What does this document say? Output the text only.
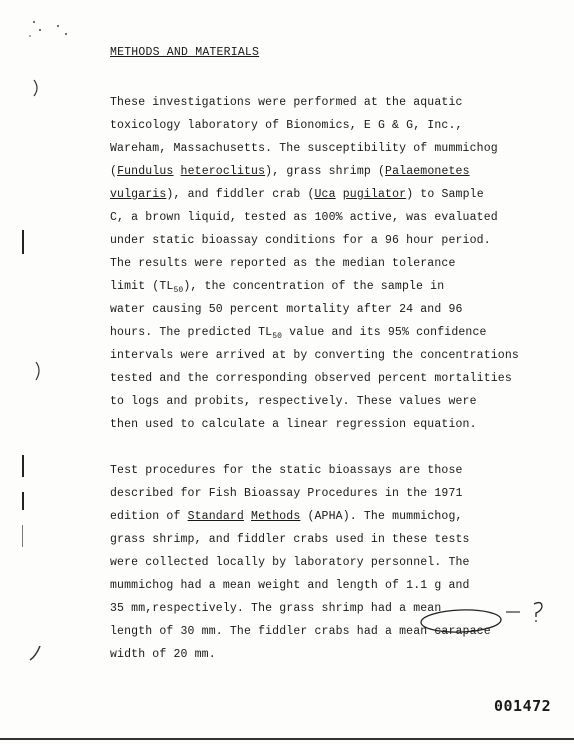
METHODS AND MATERIALS
These investigations were performed at the aquatic
toxicology laboratory of Bionomics, E G & G, Inc.,
Wareham, Massachusetts. The susceptibility of mummichog
(Fundulus heteroclitus), grass shrimp (Palaemonetes
vulgaris), and fiddler crab (Uca pugilator) to Sample
C, a brown liquid, tested as 100% active, was evaluated
under static bioassay conditions for a 96 hour period.
The results were reported as the median tolerance
limit $(TL_{50})$, the concentration of the sample in
water causing 50 percent mortality after 24 and 96
hours. The predicted $TL_{50}$ value and its 95% confidence
intervals were arrived at by converting the concentrations
tested and the corresponding observed percent mortalities
to logs and probits, respectively. These values were
then used to calculate a linear regression equation.
Test procedures for the static bioassays are those
described for Fish Bioassay Procedures in the 1971
edition of Standard Methods (APHA). The mummichog,
grass shrimp, and fiddler crabs used in these tests
were collected locally by laboratory personnel. The
mummichog had a mean weight and length of 1.1 g and
35 mm,respectively. The grass shrimp had a mean
length of 30 mm. The fiddler crabs had a mean carapace
width of 20 mm.
001472
